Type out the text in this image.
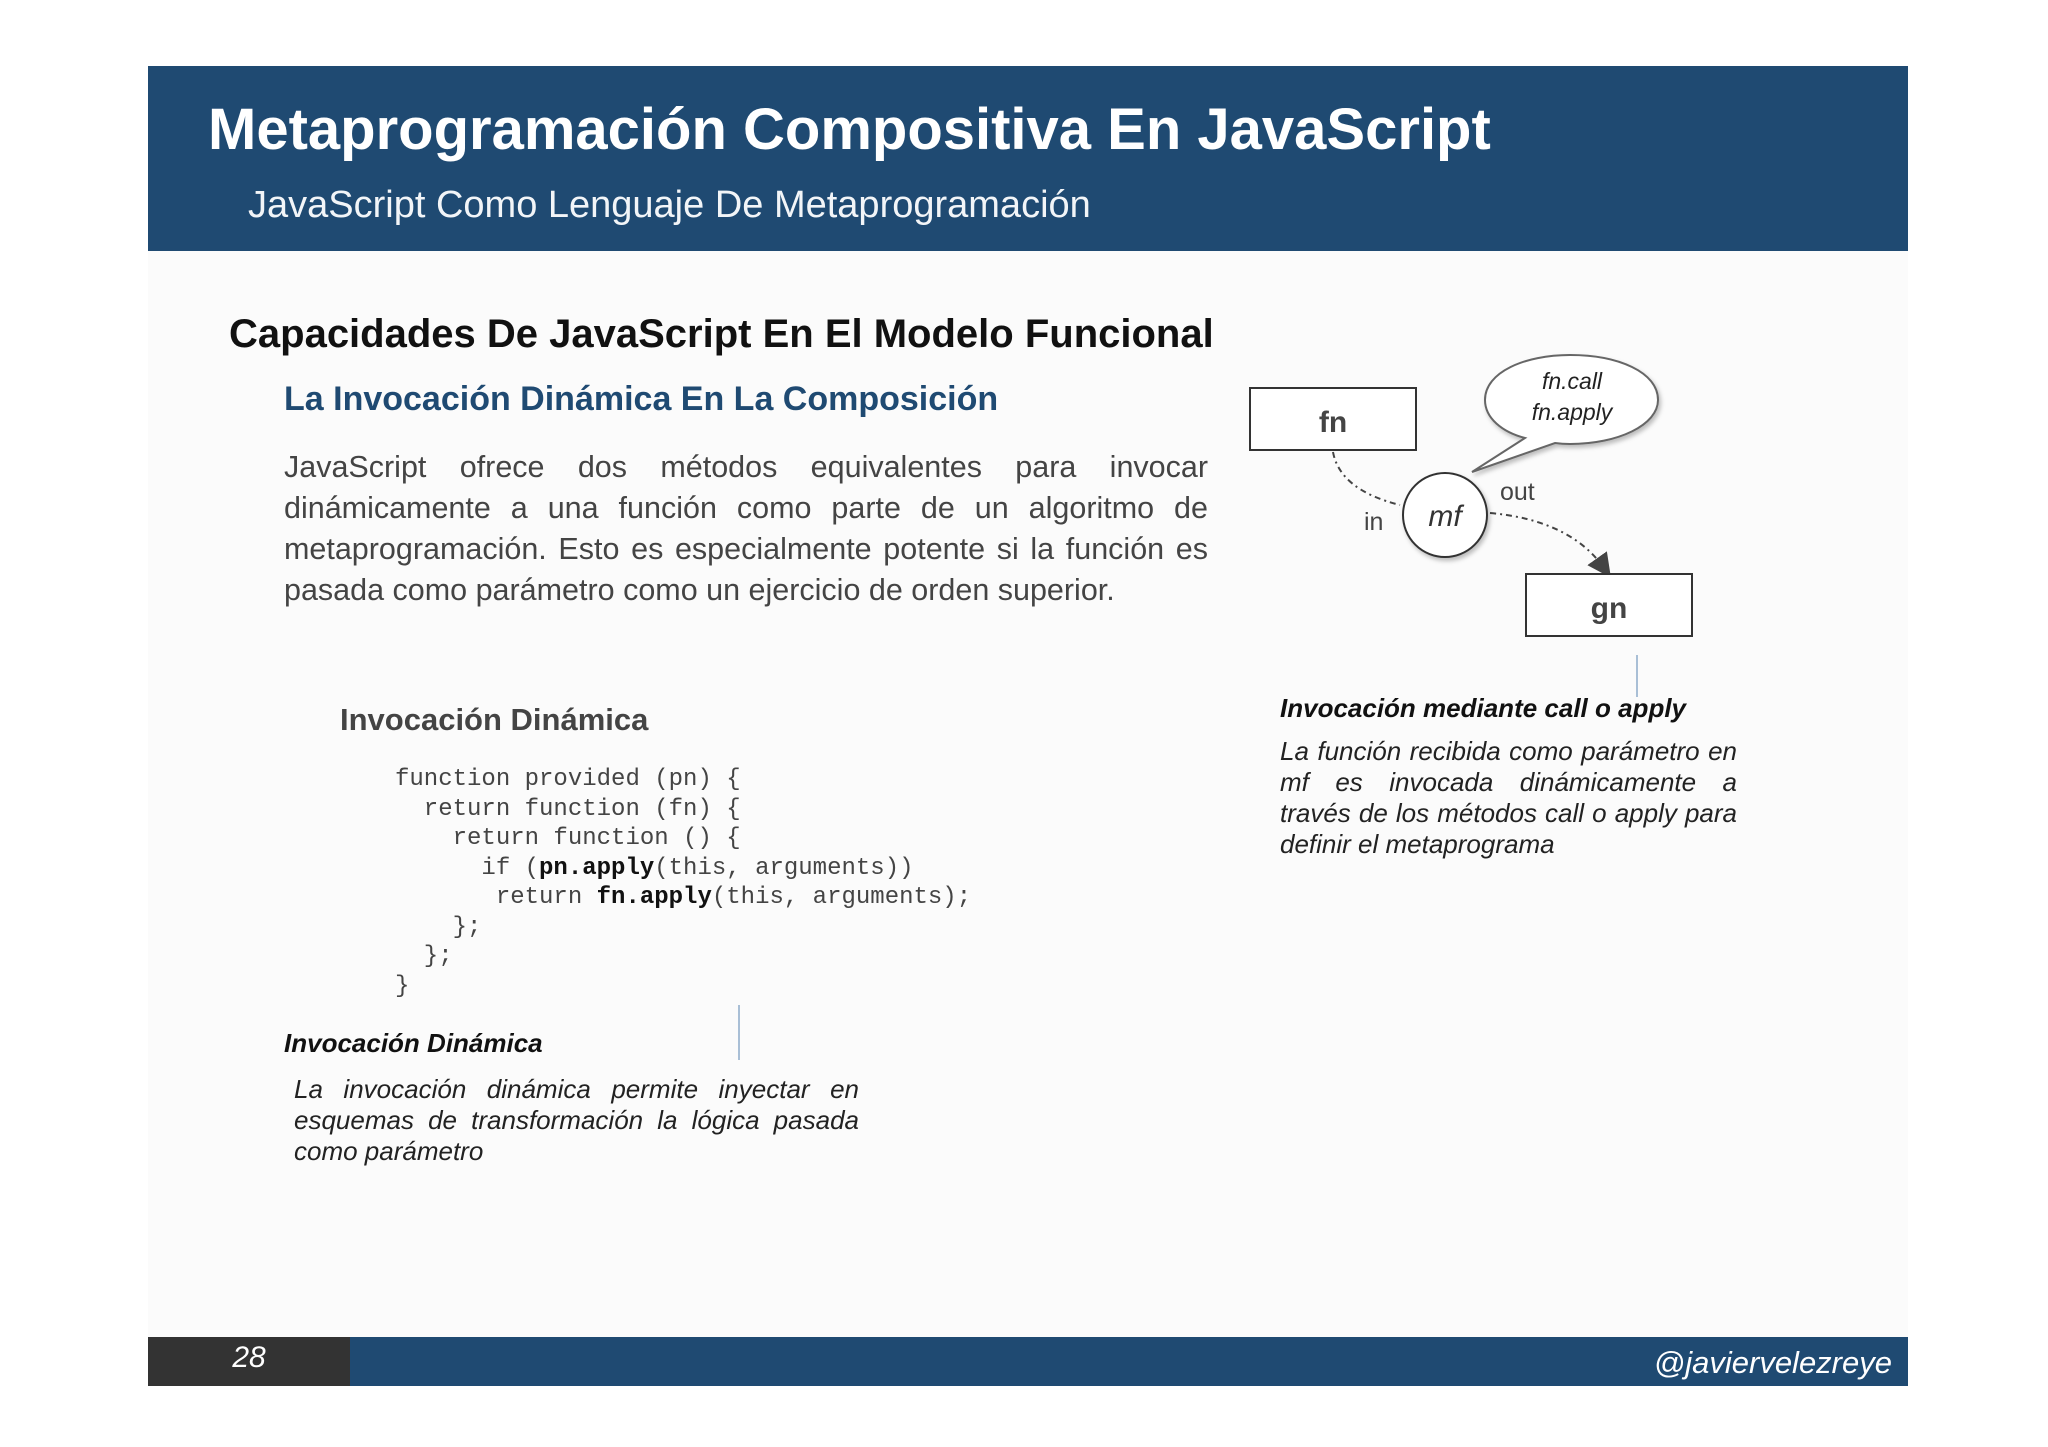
Metaprogramación Compositiva En JavaScript
JavaScript Como Lenguaje De Metaprogramación
Capacidades De JavaScript En El Modelo Funcional
La Invocación Dinámica En La Composición
JavaScript ofrece dos métodos equivalentes para invocar dinámicamente a una función como parte de un algoritmo de metaprogramación. Esto es especialmente potente si la función es pasada como parámetro como un ejercicio de orden superior.
Invocación Dinámica
function provided (pn) {
return function (fn) {
return function () {
if (pn.apply(this, arguments))
return fn.apply(this, arguments);
};
};
}
Invocación Dinámica
La invocación dinámica permite inyectar en esquemas de transformación la lógica pasada como parámetro
fn
mf
in
out
fn.call
fn.apply
gn
Invocación mediante call o apply
La función recibida como parámetro en mf es invocada dinámicamente a través de los métodos call o apply para definir el metaprograma
@javiervelezreye
28
